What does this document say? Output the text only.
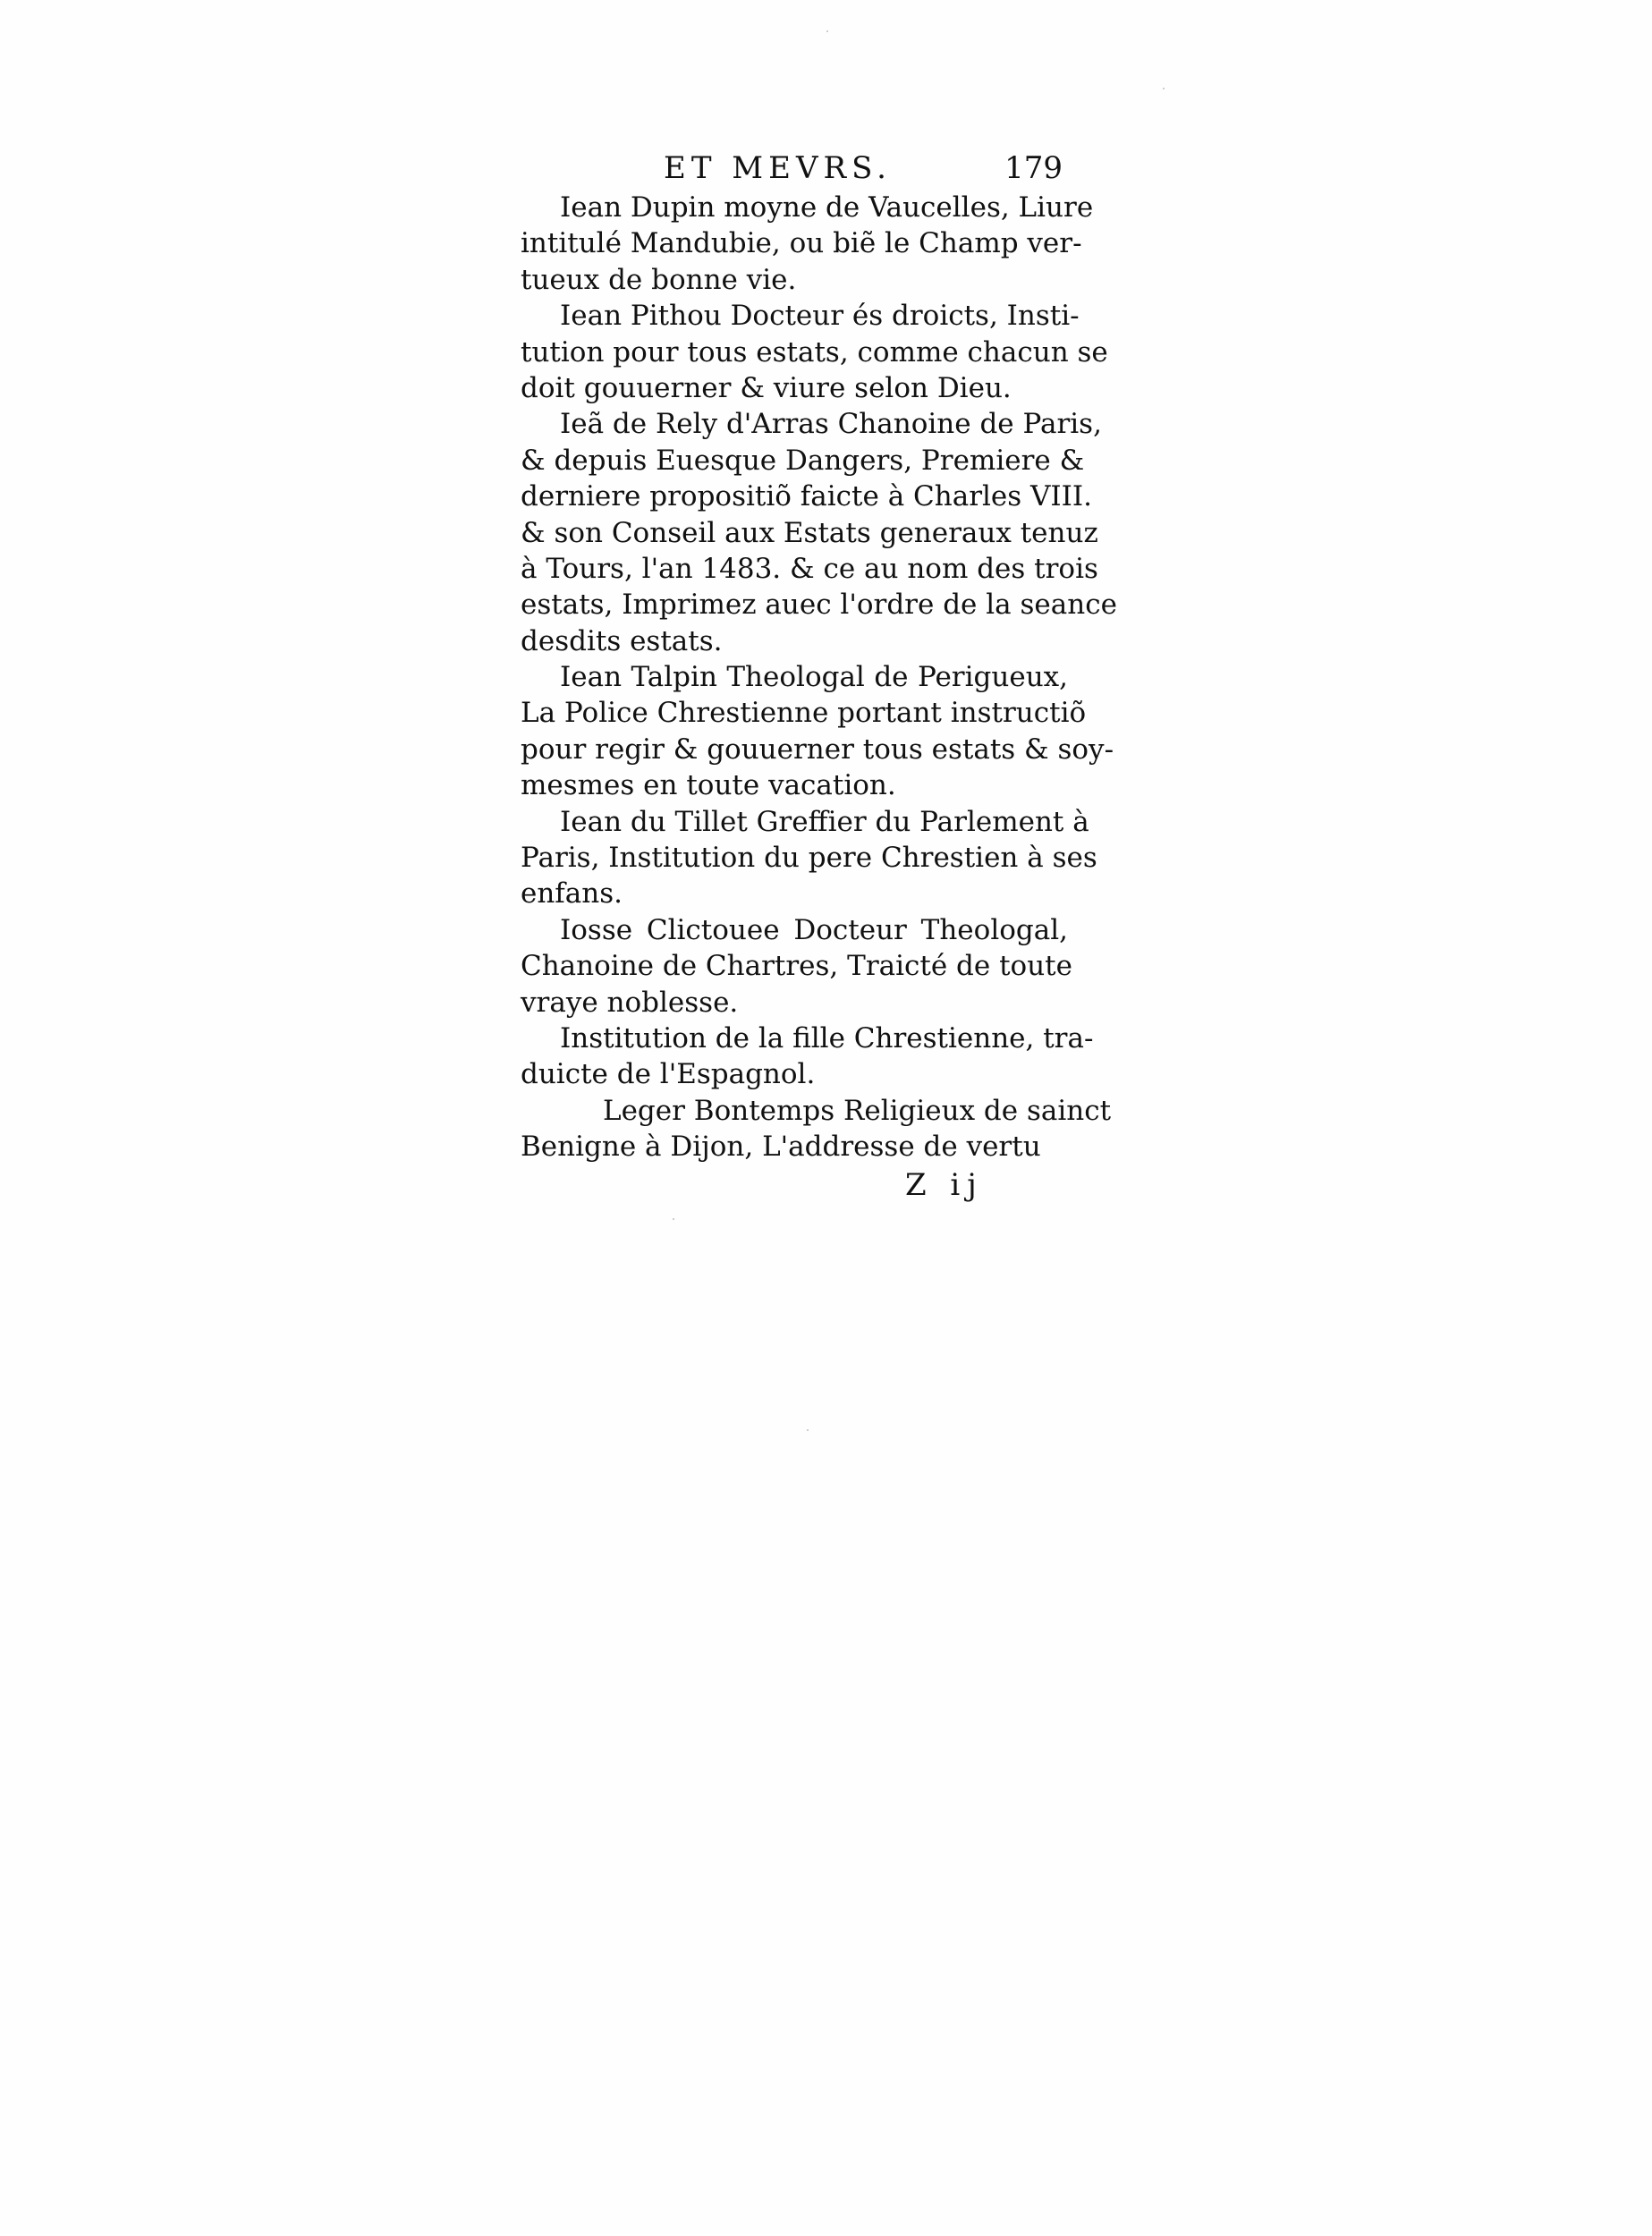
ET MEVRS.	179
Iean Dupin moyne de Vaucelles, Liure
intitulé Mandubie, ou biẽ le Champ ver-
tueux de bonne vie.
Iean Pithou Docteur és droicts, Insti-
tution pour tous estats, comme chacun se
doit gouuerner & viure selon Dieu.
Ieã de Rely d'Arras Chanoine de Paris,
& depuis Euesque Dangers, Premiere &
derniere propositiõ faicte à Charles VIII.
& son Conseil aux Estats generaux tenuz
à Tours, l'an 1483. & ce au nom des trois
estats, Imprimez auec l'ordre de la seance
desdits estats.
Iean Talpin Theologal de Perigueux,
La Police Chrestienne portant instructiõ
pour regir & gouuerner tous estats & soy-
mesmes en toute vacation.
Iean du Tillet Greffier du Parlement à
Paris, Institution du pere Chrestien à ses
enfans.
Iosse Clictouee Docteur Theologal,
Chanoine de Chartres, Traicté de toute
vraye noblesse.
Institution de la fille Chrestienne, tra-
duicte de l'Espagnol.
Leger Bontemps Religieux de sainct
Benigne à Dijon, L'addresse de vertu
Z ij
